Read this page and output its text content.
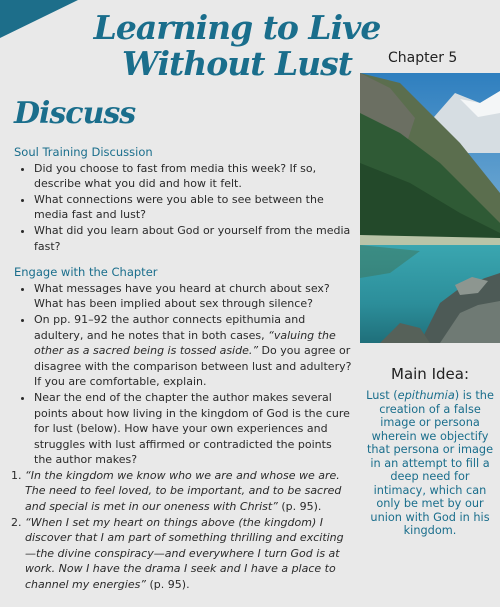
Learning to Live
Without Lust	Chapter 5
Discuss

Soul Training Discussion

• Did you choose to fast from media this week? If so, describe what you did and how it felt.
• What connections were you able to see between the media fast and lust?
• What did you learn about God or yourself from the media fast?

Engage with the Chapter

• What messages have you heard at church about sex? What has been implied about sex through silence?
• On pp. 91–92 the author connects epithumia and adultery, and he notes that in both cases, “valuing the other as a sacred being is tossed aside.” Do you agree or disagree with the comparison between lust and adultery? If you are comfortable, explain.
• Near the end of the chapter the author makes several points about how living in the kingdom of God is the cure for lust (below). How have your own experiences and struggles with lust affirmed or contradicted the points the author makes?
1. “In the kingdom we know who we are and whose we are. The need to feel loved, to be important, and to be sacred and special is met in our oneness with Christ” (p. 95).
2. “When I set my heart on things above (the kingdom) I discover that I am part of something thrilling and exciting—the divine conspiracy—and everywhere I turn God is at work. Now I have the drama I seek and I have a place to channel my energies” (p. 95).

Main Idea:

Lust (epithumia) is the creation of a false image or persona wherein we objectify that persona or image in an attempt to fill a deep need for intimacy, which can only be met by our union with God in his kingdom.
